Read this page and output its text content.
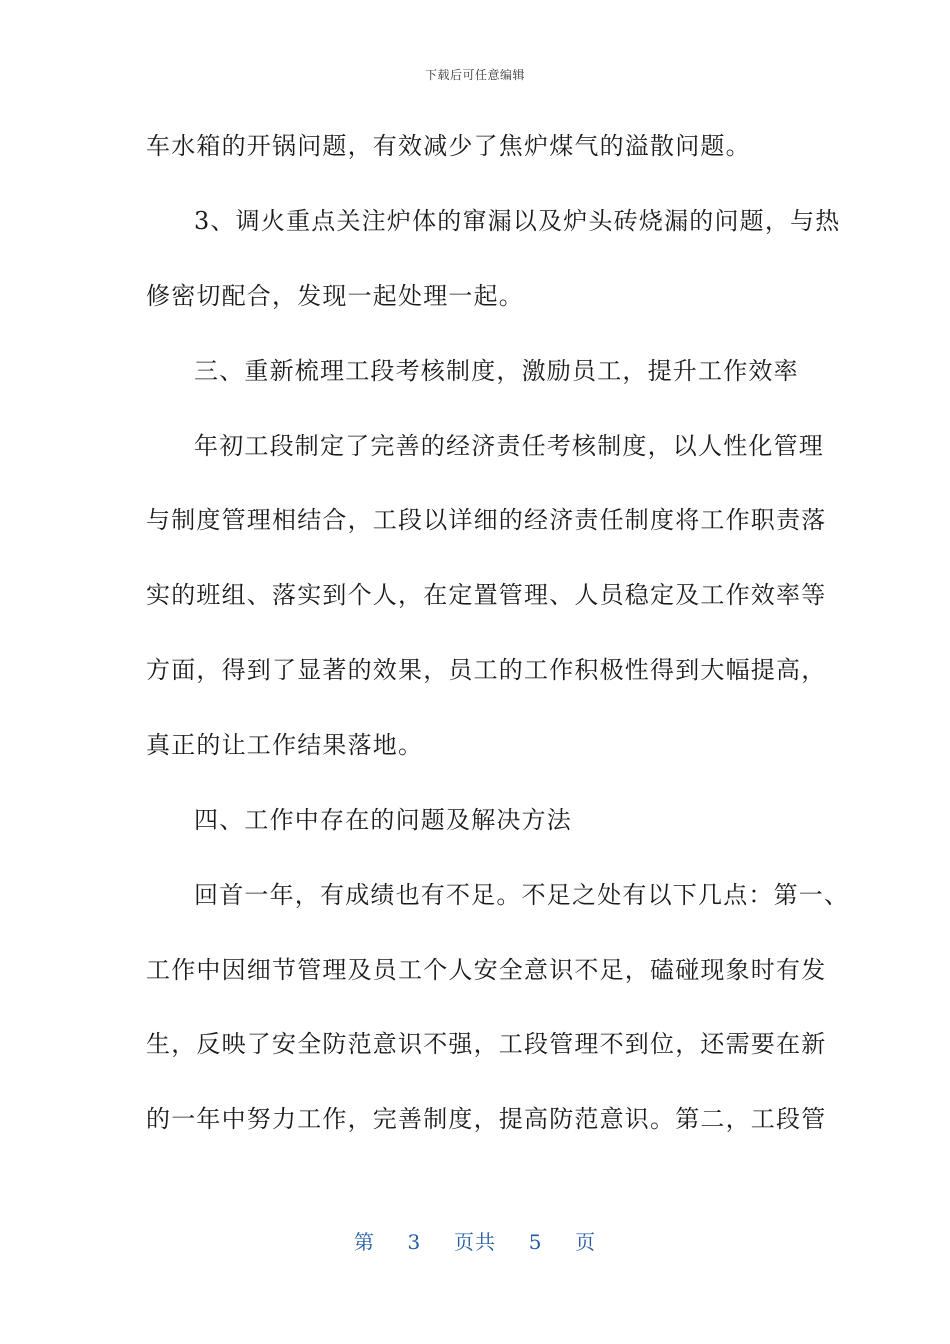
下载后可任意编辑
车水箱的开锅问题，有效减少了焦炉煤气的溢散问题。
3、调火重点关注炉体的窜漏以及炉头砖烧漏的问题，与热
修密切配合，发现一起处理一起。
三、重新梳理工段考核制度，激励员工，提升工作效率
年初工段制定了完善的经济责任考核制度，以人性化管理
与制度管理相结合，工段以详细的经济责任制度将工作职责落
实的班组、落实到个人，在定置管理、人员稳定及工作效率等
方面，得到了显著的效果，员工的工作积极性得到大幅提高，
真正的让工作结果落地。
四、工作中存在的问题及解决方法
回首一年，有成绩也有不足。不足之处有以下几点：第一、
工作中因细节管理及员工个人安全意识不足，磕碰现象时有发
生，反映了安全防范意识不强，工段管理不到位，还需要在新
的一年中努力工作，完善制度，提高防范意识。第二，工段管
第 3 页共 5 页
